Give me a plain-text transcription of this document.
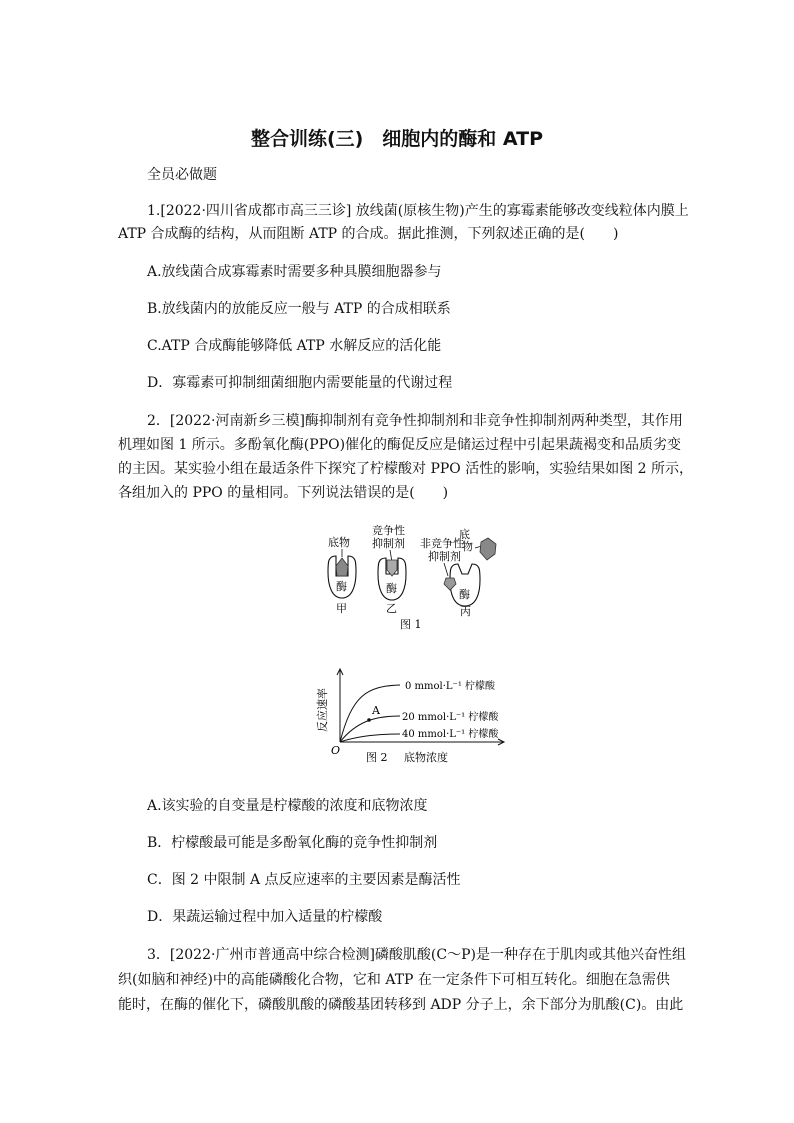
整合训练(三)　细胞内的酶和 ATP
全员必做题
1.[2022·四川省成都市高三三诊] 放线菌(原核生物)产生的寡霉素能够改变线粒体内膜上
ATP 合成酶的结构，从而阻断 ATP 的合成。据此推测，下列叙述正确的是(　　)
A.放线菌合成寡霉素时需要多种具膜细胞器参与
B.放线菌内的放能反应一般与 ATP 的合成相联系
C.ATP 合成酶能够降低 ATP 水解反应的活化能
D．寡霉素可抑制细菌细胞内需要能量的代谢过程
2．[2022·河南新乡三模]酶抑制剂有竞争性抑制剂和非竞争性抑制剂两种类型，其作用
机理如图 1 所示。多酚氧化酶(PPO)催化的酶促反应是储运过程中引起果蔬褐变和品质劣变
的主因。某实验小组在最适条件下探究了柠檬酸对 PPO 活性的影响，实验结果如图 2 所示，
各组加入的 PPO 的量相同。下列说法错误的是(　　)
底物
酶
甲
竞争性
抑制剂
酶
乙
非竞争性
抑制剂
底
物
酶
丙
图 1
O
反应速率	A
0 mmol·L⁻¹ 柠檬酸
20 mmol·L⁻¹ 柠檬酸
40 mmol·L⁻¹ 柠檬酸
图 2 底物浓度
A.该实验的自变量是柠檬酸的浓度和底物浓度
B．柠檬酸最可能是多酚氧化酶的竞争性抑制剂
C．图 2 中限制 A 点反应速率的主要因素是酶活性
D．果蔬运输过程中加入适量的柠檬酸
3．[2022·广州市普通高中综合检测]磷酸肌酸(C～P)是一种存在于肌肉或其他兴奋性组
织(如脑和神经)中的高能磷酸化合物，它和 ATP 在一定条件下可相互转化。细胞在急需供
能时，在酶的催化下，磷酸肌酸的磷酸基团转移到 ADP 分子上，余下部分为肌酸(C)。由此
